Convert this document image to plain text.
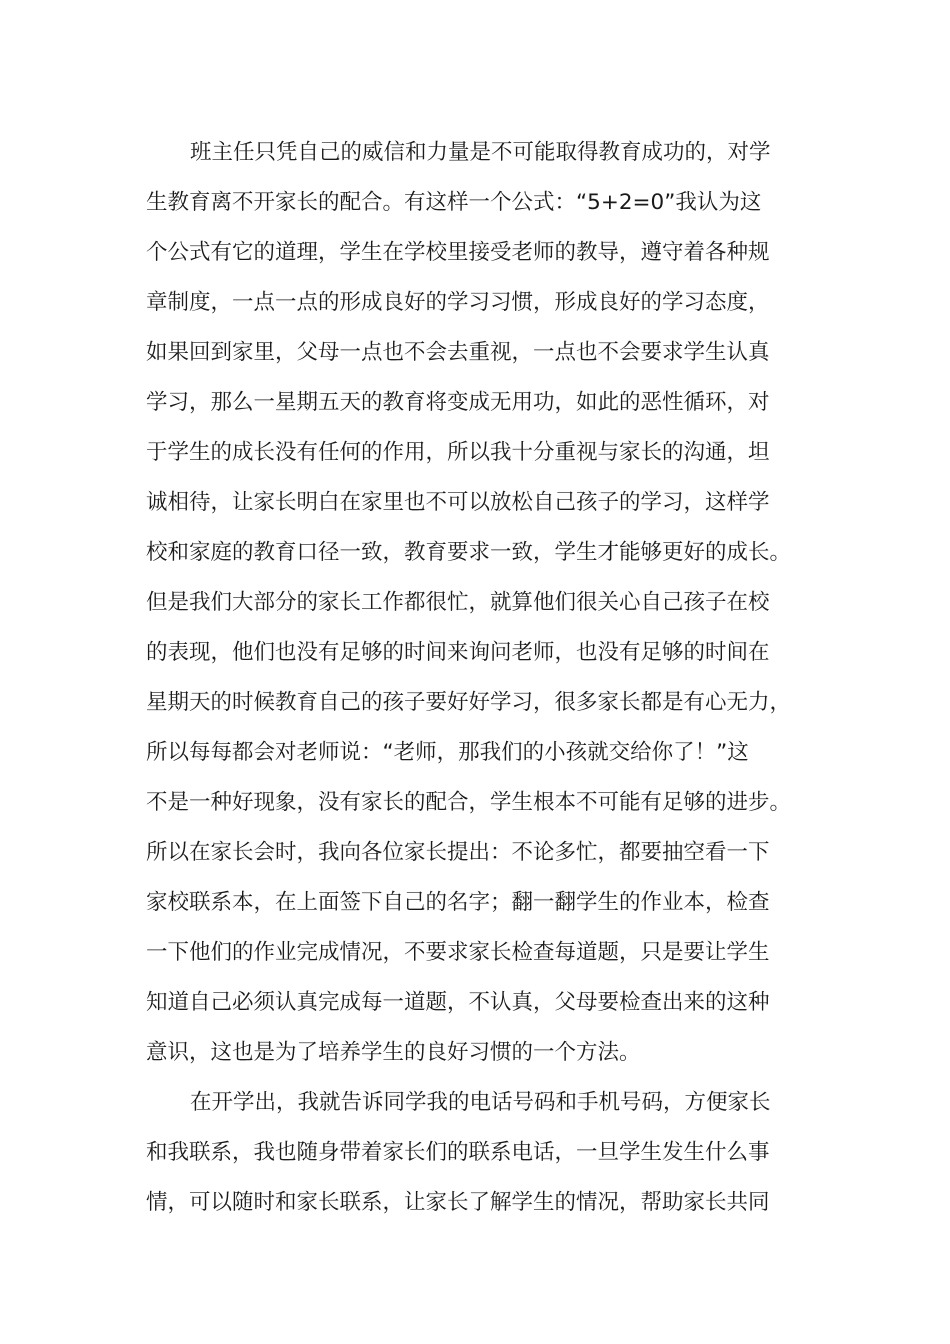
班主任只凭自己的威信和力量是不可能取得教育成功的，对学
生教育离不开家长的配合。有这样一个公式：“5+2=0”我认为这
个公式有它的道理，学生在学校里接受老师的教导，遵守着各种规
章制度，一点一点的形成良好的学习习惯，形成良好的学习态度，
如果回到家里，父母一点也不会去重视，一点也不会要求学生认真
学习，那么一星期五天的教育将变成无用功，如此的恶性循环，对
于学生的成长没有任何的作用，所以我十分重视与家长的沟通，坦
诚相待，让家长明白在家里也不可以放松自己孩子的学习，这样学
校和家庭的教育口径一致，教育要求一致，学生才能够更好的成长。
但是我们大部分的家长工作都很忙，就算他们很关心自己孩子在校
的表现，他们也没有足够的时间来询问老师，也没有足够的时间在
星期天的时候教育自己的孩子要好好学习，很多家长都是有心无力，
所以每每都会对老师说：“老师，那我们的小孩就交给你了！”这
不是一种好现象，没有家长的配合，学生根本不可能有足够的进步。
所以在家长会时，我向各位家长提出：不论多忙，都要抽空看一下
家校联系本，在上面签下自己的名字；翻一翻学生的作业本，检查
一下他们的作业完成情况，不要求家长检查每道题，只是要让学生
知道自己必须认真完成每一道题，不认真，父母要检查出来的这种
意识，这也是为了培养学生的良好习惯的一个方法。
在开学出，我就告诉同学我的电话号码和手机号码，方便家长
和我联系，我也随身带着家长们的联系电话，一旦学生发生什么事
情，可以随时和家长联系，让家长了解学生的情况，帮助家长共同
